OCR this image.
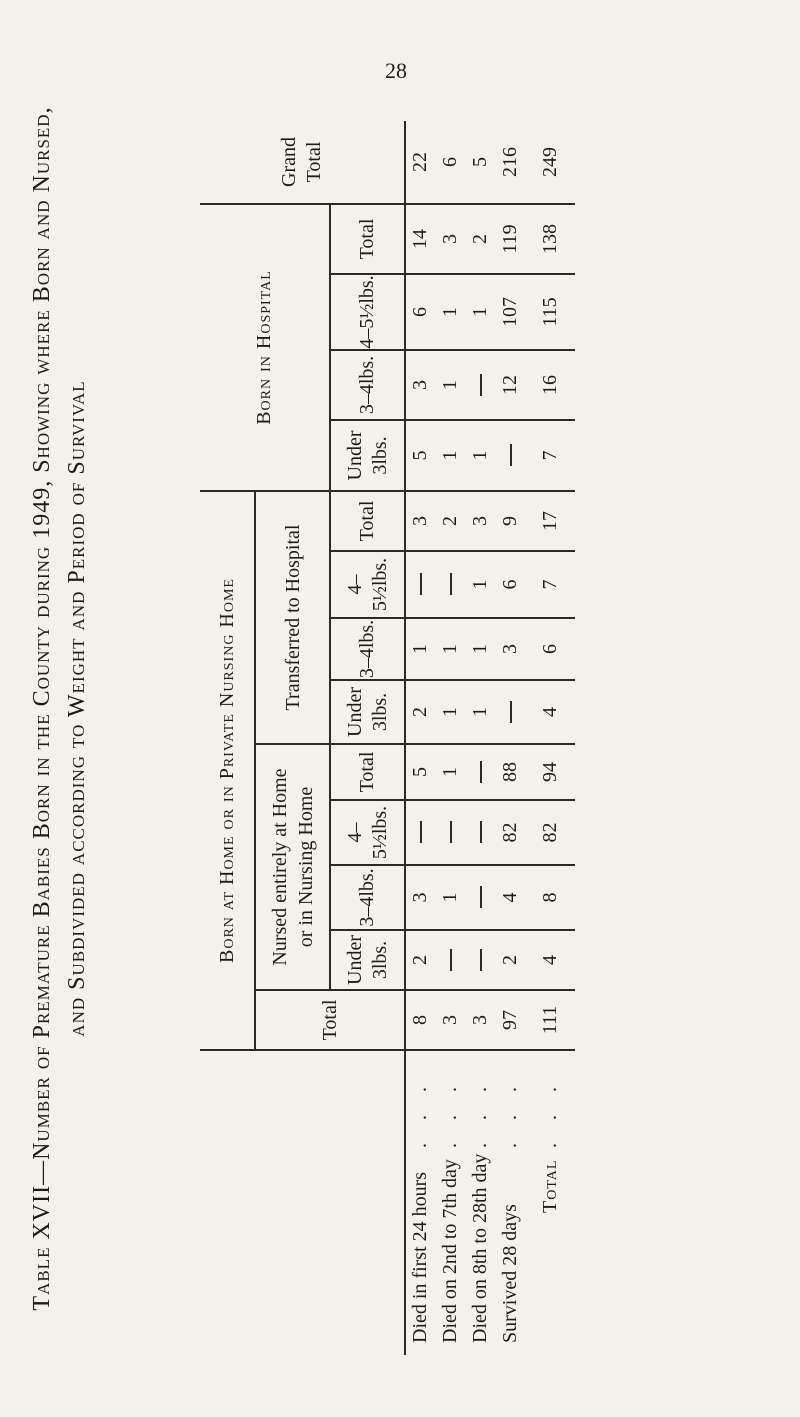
28
Table XVII—Number of Premature Babies Born in the County during 1949, Showing where Born and Nursed, and Subdivided according to Weight and Period of Survival
		Born at Home or in Private Nursing Home									Born in Hospital				Grand Total
	Total	Nursed entirely at Home or in Nursing Home				Transferred to Hospital								
		Under 3lbs.	3–4lbs.	4–5½lbs.	Total	Under 3lbs.	3–4lbs.	4–5½lbs.	Total	Under 3lbs.	3–4lbs.	4–5½lbs.	Total	
Died in first 24 hours. . .	8	2	3		5	2	1		3	5	3	6	14	22
Died on 2nd to 7th day. . .	3		1		1	1	1		2	1	1	1	3	6
Died on 8th to 28th day. . .	3					1	1	1	3	1		1	2	5
Survived 28 days. . .	97	2	4	82	88		3	6	9		12	107	119	216
Total. . .	111	4	8	82	94	4	6	7	17	7	16	115	138	249
